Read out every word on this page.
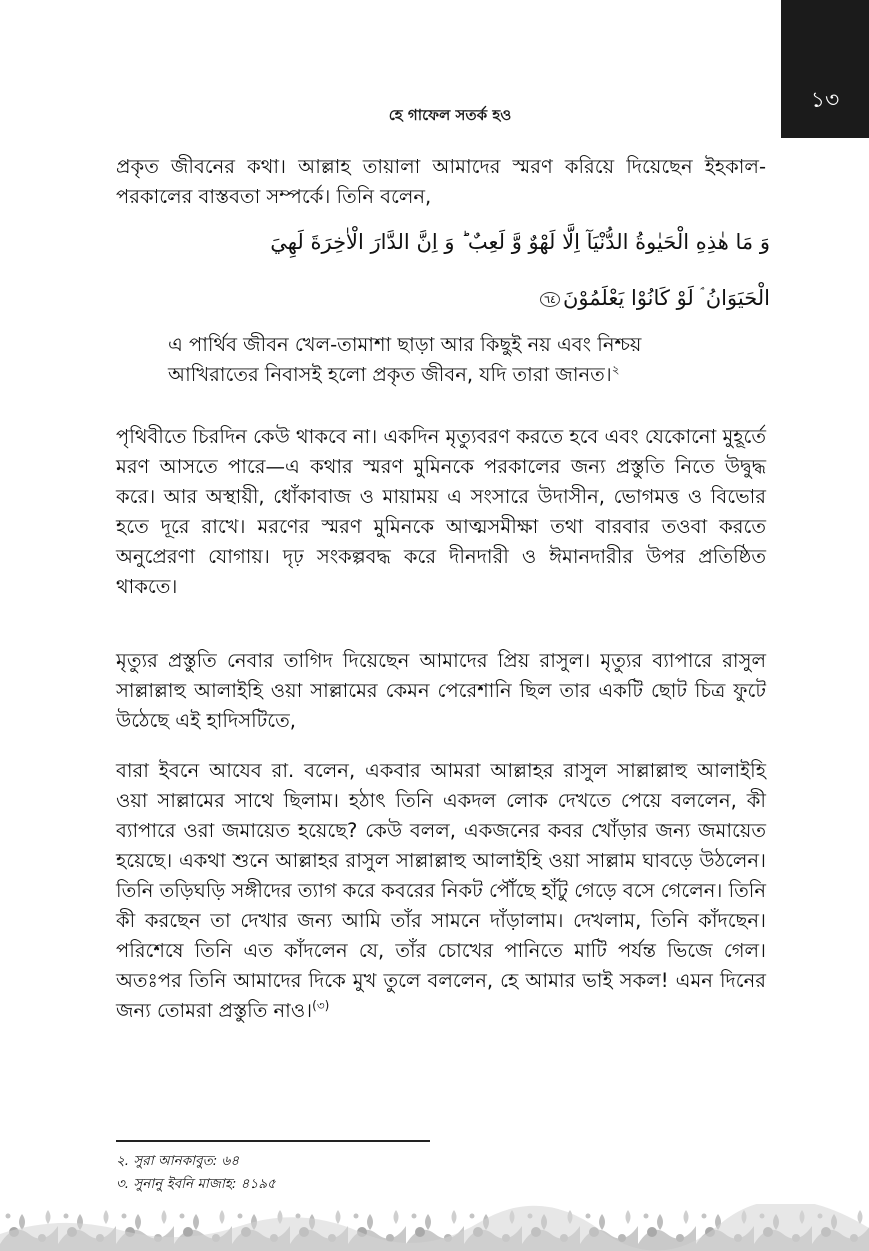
১৩
হে গাফেল সতর্ক হও

প্রকৃত জীবনের কথা। আল্লাহ তায়ালা আমাদের স্মরণ করিয়ে দিয়েছেন ইহকাল-পরকালের বাস্তবতা সম্পর্কে। তিনি বলেন,

وَ مَا هٰذِهِ الْحَيٰوةُ الدُّنْيَآ اِلَّا لَهْوٌ وَّ لَعِبٌ ؕ وَ اِنَّ الدَّارَ الْاٰخِرَةَ لَهِيَ

الْحَيَوَانُ ۘ لَوْ كَانُوْا يَعْلَمُوْنَ٦٤

এ পার্থিব জীবন খেল-তামাশা ছাড়া আর কিছুই নয় এবং নিশ্চয় আখিরাতের নিবাসই হলো প্রকৃত জীবন, যদি তারা জানত।$^২$

পৃথিবীতে চিরদিন কেউ থাকবে না। একদিন মৃত্যুবরণ করতে হবে এবং যেকোনো মুহূর্তে মরণ আসতে পারে—এ কথার স্মরণ মুমিনকে পরকালের জন্য প্রস্তুতি নিতে উদ্বুদ্ধ করে। আর অস্থায়ী, ধোঁকাবাজ ও মায়াময় এ সংসারে উদাসীন, ভোগমত্ত ও বিভোর হতে দূরে রাখে। মরণের স্মরণ মুমিনকে আত্মসমীক্ষা তথা বারবার তওবা করতে অনুপ্রেরণা যোগায়। দৃঢ় সংকল্পবদ্ধ করে দীনদারী ও ঈমানদারীর উপর প্রতিষ্ঠিত থাকতে।

মৃত্যুর প্রস্তুতি নেবার তাগিদ দিয়েছেন আমাদের প্রিয় রাসুল। মৃত্যুর ব্যাপারে রাসুল সাল্লাল্লাহু আলাইহি ওয়া সাল্লামের কেমন পেরেশানি ছিল তার একটি ছোট চিত্র ফুটে উঠেছে এই হাদিসটিতে,

বারা ইবনে আযেব রা. বলেন, একবার আমরা আল্লাহর রাসুল সাল্লাল্লাহু আলাইহি ওয়া সাল্লামের সাথে ছিলাম। হঠাৎ তিনি একদল লোক দেখতে পেয়ে বললেন, কী ব্যাপারে ওরা জমায়েত হয়েছে? কেউ বলল, একজনের কবর খোঁড়ার জন্য জমায়েত হয়েছে। একথা শুনে আল্লাহর রাসুল সাল্লাল্লাহু আলাইহি ওয়া সাল্লাম ঘাবড়ে উঠলেন। তিনি তড়িঘড়ি সঙ্গীদের ত্যাগ করে কবরের নিকট পৌঁছে হাঁটু গেড়ে বসে গেলেন। তিনি কী করছেন তা দেখার জন্য আমি তাঁর সামনে দাঁড়ালাম। দেখলাম, তিনি কাঁদছেন। পরিশেষে তিনি এত কাঁদলেন যে, তাঁর চোখের পানিতে মাটি পর্যন্ত ভিজে গেল। অতঃপর তিনি আমাদের দিকে মুখ তুলে বললেন, হে আমার ভাই সকল! এমন দিনের জন্য তোমরা প্রস্তুতি নাও।$^{(৩)}$

২. সুরা আনকাবুত: ৬৪
৩. সুনানু ইবনি মাজাহ: ৪১৯৫
